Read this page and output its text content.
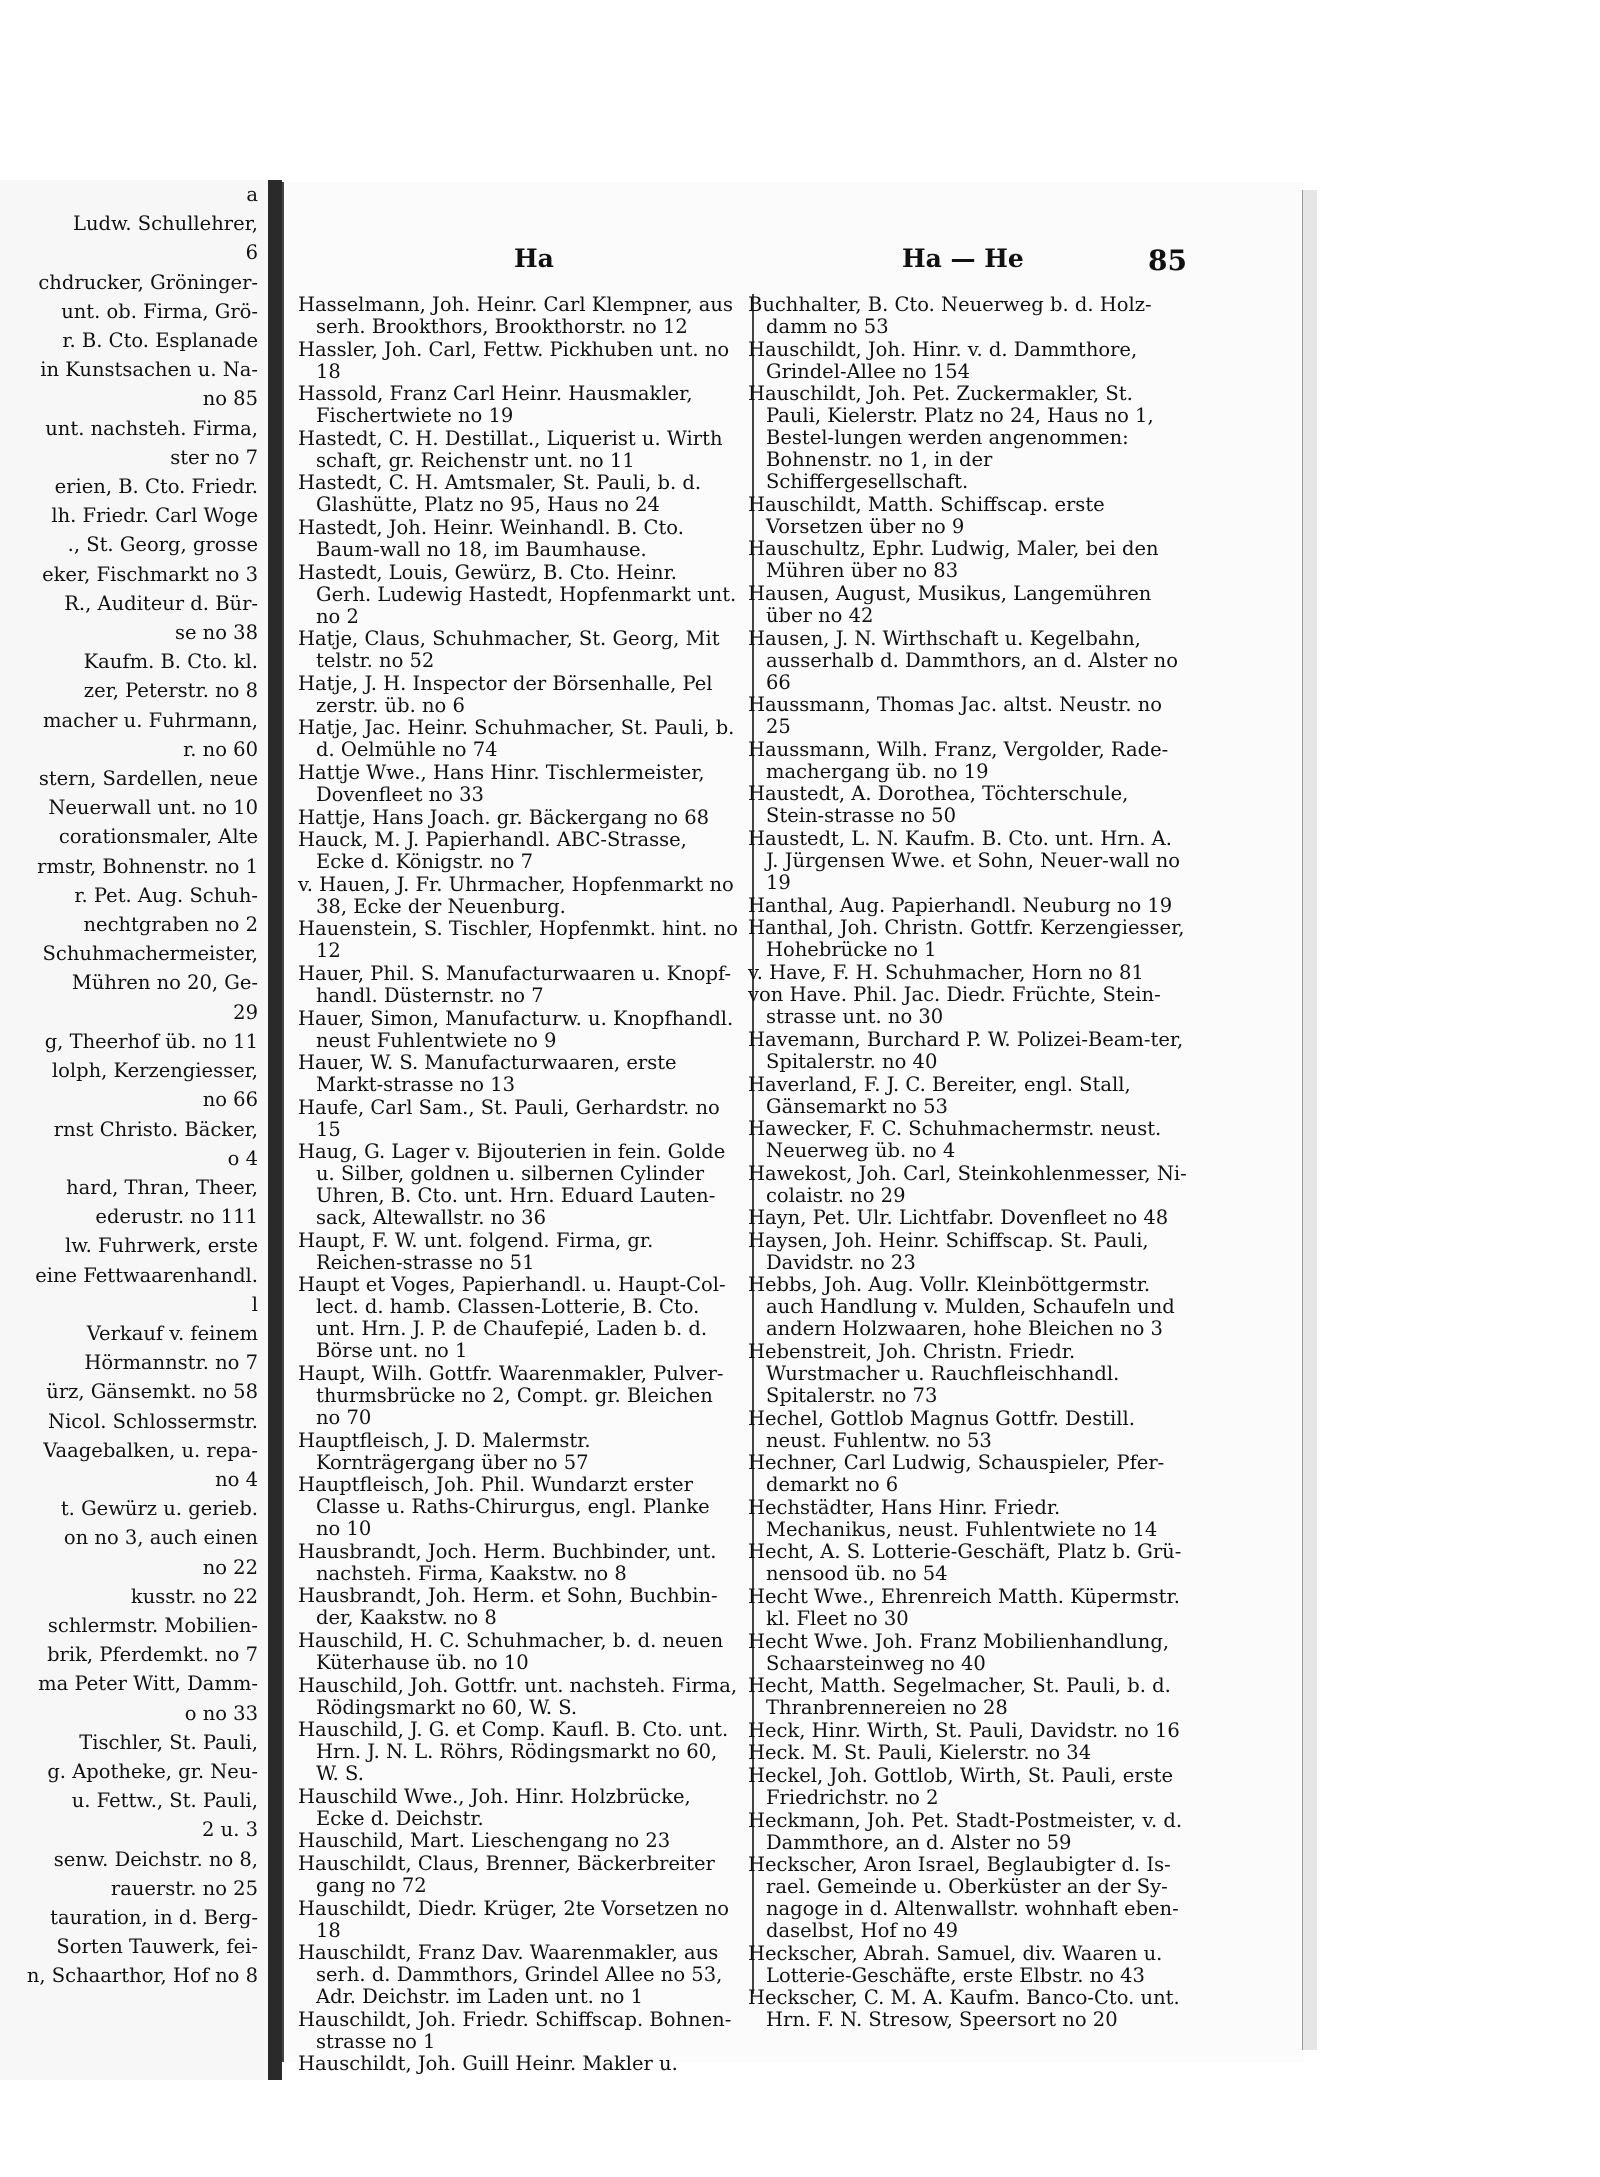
a
Ludw. Schullehrer,
6
chdrucker, Gröninger-
unt. ob. Firma, Grö-
r. B. Cto. Esplanade
in Kunstsachen u. Na-
no 85
unt. nachsteh. Firma,
ster no 7
erien, B. Cto. Friedr.
lh. Friedr. Carl Woge
., St. Georg, grosse
eker, Fischmarkt no 3
R., Auditeur d. Bür-
se no 38
Kaufm. B. Cto. kl.
zer, Peterstr. no 8
macher u. Fuhrmann,
r. no 60
stern, Sardellen, neue
Neuerwall unt. no 10
corationsmaler, Alte
rmstr, Bohnenstr. no 1
r. Pet. Aug. Schuh-
nechtgraben no 2
Schuhmachermeister,
Mühren no 20, Ge-
29
g, Theerhof üb. no 11
lolph, Kerzengiesser,
no 66
rnst Christo. Bäcker,
o 4
hard, Thran, Theer,
ederustr. no 111
lw. Fuhrwerk, erste
eine Fettwaarenhandl.
l
Verkauf v. feinem
Hörmannstr. no 7
ürz, Gänsemkt. no 58
Nicol. Schlossermstr.
Vaagebalken, u. repa-
no 4
t. Gewürz u. gerieb.
on no 3, auch einen
no 22
kusstr. no 22
schlermstr. Mobilien-
brik, Pferdemkt. no 7
ma Peter Witt, Damm-
o no 33
Tischler, St. Pauli,
g. Apotheke, gr. Neu-
u. Fettw., St. Pauli,
2 u. 3
senw. Deichstr. no 8,
rauerstr. no 25
tauration, in d. Berg-
Sorten Tauwerk, fei-
n, Schaarthor, Hof no 8
Ha	Ha — He	85
Hasselmann, Joh. Heinr. Carl Klempner, aus serh. Brookthors, Brookthorstr. no 12
Hassler, Joh. Carl, Fettw. Pickhuben unt. no 18
Hassold, Franz Carl Heinr. Hausmakler, Fischertwiete no 19
Hastedt, C. H. Destillat., Liquerist u. Wirth schaft, gr. Reichenstr unt. no 11
Hastedt, C. H. Amtsmaler, St. Pauli, b. d. Glashütte, Platz no 95, Haus no 24
Hastedt, Joh. Heinr. Weinhandl. B. Cto. Baum-wall no 18, im Baumhause.
Hastedt, Louis, Gewürz, B. Cto. Heinr. Gerh. Ludewig Hastedt, Hopfenmarkt unt. no 2
Hatje, Claus, Schuhmacher, St. Georg, Mit telstr. no 52
Hatje, J. H. Inspector der Börsenhalle, Pel zerstr. üb. no 6
Hatje, Jac. Heinr. Schuhmacher, St. Pauli, b. d. Oelmühle no 74
Hattje Wwe., Hans Hinr. Tischlermeister, Dovenfleet no 33
Hattje, Hans Joach. gr. Bäckergang no 68
Hauck, M. J. Papierhandl. ABC-Strasse, Ecke d. Königstr. no 7
v. Hauen, J. Fr. Uhrmacher, Hopfenmarkt no 38, Ecke der Neuenburg.
Hauenstein, S. Tischler, Hopfenmkt. hint. no 12
Hauer, Phil. S. Manufacturwaaren u. Knopf-handl. Düsternstr. no 7
Hauer, Simon, Manufacturw. u. Knopfhandl. neust Fuhlentwiete no 9
Hauer, W. S. Manufacturwaaren, erste Markt-strasse no 13
Haufe, Carl Sam., St. Pauli, Gerhardstr. no 15
Haug, G. Lager v. Bijouterien in fein. Golde u. Silber, goldnen u. silbernen Cylinder Uhren, B. Cto. unt. Hrn. Eduard Lauten-sack, Altewallstr. no 36
Haupt, F. W. unt. folgend. Firma, gr. Reichen-strasse no 51
Haupt et Voges, Papierhandl. u. Haupt-Col-lect. d. hamb. Classen-Lotterie, B. Cto. unt. Hrn. J. P. de Chaufepié, Laden b. d. Börse unt. no 1
Haupt, Wilh. Gottfr. Waarenmakler, Pulver-thurmsbrücke no 2, Compt. gr. Bleichen no 70
Hauptfleisch, J. D. Malermstr. Kornträgergang über no 57
Hauptfleisch, Joh. Phil. Wundarzt erster Classe u. Raths-Chirurgus, engl. Planke no 10
Hausbrandt, Joch. Herm. Buchbinder, unt. nachsteh. Firma, Kaakstw. no 8
Hausbrandt, Joh. Herm. et Sohn, Buchbin-der, Kaakstw. no 8
Hauschild, H. C. Schuhmacher, b. d. neuen Küterhause üb. no 10
Hauschild, Joh. Gottfr. unt. nachsteh. Firma, Rödingsmarkt no 60, W. S.
Hauschild, J. G. et Comp. Kaufl. B. Cto. unt. Hrn. J. N. L. Röhrs, Rödingsmarkt no 60, W. S.
Hauschild Wwe., Joh. Hinr. Holzbrücke, Ecke d. Deichstr.
Hauschild, Mart. Lieschengang no 23
Hauschildt, Claus, Brenner, Bäckerbreiter gang no 72
Hauschildt, Diedr. Krüger, 2te Vorsetzen no 18
Hauschildt, Franz Dav. Waarenmakler, aus serh. d. Dammthors, Grindel Allee no 53, Adr. Deichstr. im Laden unt. no 1
Hauschildt, Joh. Friedr. Schiffscap. Bohnen-strasse no 1
Hauschildt, Joh. Guill Heinr. Makler u.
Buchhalter, B. Cto. Neuerweg b. d. Holz-damm no 53
Hauschildt, Joh. Hinr. v. d. Dammthore, Grindel-Allee no 154
Hauschildt, Joh. Pet. Zuckermakler, St. Pauli, Kielerstr. Platz no 24, Haus no 1, Bestel-lungen werden angenommen: Bohnenstr. no 1, in der Schiffergesellschaft.
Hauschildt, Matth. Schiffscap. erste Vorsetzen über no 9
Hauschultz, Ephr. Ludwig, Maler, bei den Mühren über no 83
Hausen, August, Musikus, Langemühren über no 42
Hausen, J. N. Wirthschaft u. Kegelbahn, ausserhalb d. Dammthors, an d. Alster no 66
Haussmann, Thomas Jac. altst. Neustr. no 25
Haussmann, Wilh. Franz, Vergolder, Rade-machergang üb. no 19
Haustedt, A. Dorothea, Töchterschule, Stein-strasse no 50
Haustedt, L. N. Kaufm. B. Cto. unt. Hrn. A. J. Jürgensen Wwe. et Sohn, Neuer-wall no 19
Hanthal, Aug. Papierhandl. Neuburg no 19
Hanthal, Joh. Christn. Gottfr. Kerzengiesser, Hohebrücke no 1
v. Have, F. H. Schuhmacher, Horn no 81
von Have. Phil. Jac. Diedr. Früchte, Stein-strasse unt. no 30
Havemann, Burchard P. W. Polizei-Beam-ter, Spitalerstr. no 40
Haverland, F. J. C. Bereiter, engl. Stall, Gänsemarkt no 53
Hawecker, F. C. Schuhmachermstr. neust. Neuerweg üb. no 4
Hawekost, Joh. Carl, Steinkohlenmesser, Ni-colaistr. no 29
Hayn, Pet. Ulr. Lichtfabr. Dovenfleet no 48
Haysen, Joh. Heinr. Schiffscap. St. Pauli, Davidstr. no 23
Hebbs, Joh. Aug. Vollr. Kleinböttgermstr. auch Handlung v. Mulden, Schaufeln und andern Holzwaaren, hohe Bleichen no 3
Hebenstreit, Joh. Christn. Friedr. Wurstmacher u. Rauchfleischhandl. Spitalerstr. no 73
Hechel, Gottlob Magnus Gottfr. Destill. neust. Fuhlentw. no 53
Hechner, Carl Ludwig, Schauspieler, Pfer-demarkt no 6
Hechstädter, Hans Hinr. Friedr. Mechanikus, neust. Fuhlentwiete no 14
Hecht, A. S. Lotterie-Geschäft, Platz b. Grü-nensood üb. no 54
Hecht Wwe., Ehrenreich Matth. Küpermstr. kl. Fleet no 30
Hecht Wwe. Joh. Franz Mobilienhandlung, Schaarsteinweg no 40
Hecht, Matth. Segelmacher, St. Pauli, b. d. Thranbrennereien no 28
Heck, Hinr. Wirth, St. Pauli, Davidstr. no 16
Heck. M. St. Pauli, Kielerstr. no 34
Heckel, Joh. Gottlob, Wirth, St. Pauli, erste Friedrichstr. no 2
Heckmann, Joh. Pet. Stadt-Postmeister, v. d. Dammthore, an d. Alster no 59
Heckscher, Aron Israel, Beglaubigter d. Is-rael. Gemeinde u. Oberküster an der Sy-nagoge in d. Altenwallstr. wohnhaft eben-daselbst, Hof no 49
Heckscher, Abrah. Samuel, div. Waaren u. Lotterie-Geschäfte, erste Elbstr. no 43
Heckscher, C. M. A. Kaufm. Banco-Cto. unt. Hrn. F. N. Stresow, Speersort no 20
